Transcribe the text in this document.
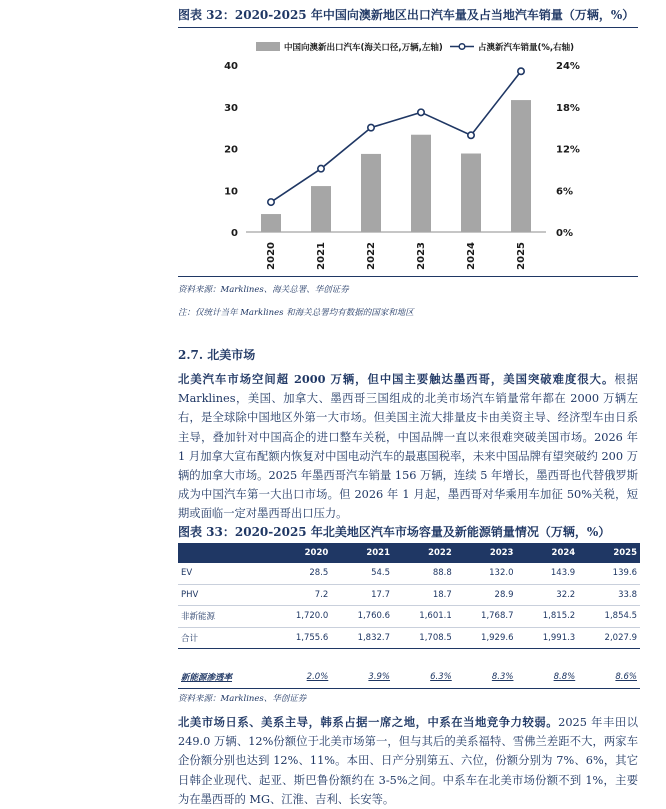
图表 32：2020-2025 年中国向澳新地区出口汽车量及占当地汽车销量（万辆，%）
0
10
20
30
40
0%
6%
12%
18%
24%
2020	2021	2022	2023	2024	2025
中国向澳新出口汽车(海关口径,万辆,左轴)	占澳新汽车销量(%,右轴)
资料来源：Marklines、海关总署、华创证券
注：仅统计当年 Marklines 和海关总署均有数据的国家和地区
2.7. 北美市场
北美汽车市场空间超 2000 万辆，但中国主要触达墨西哥，美国突破难度很大。根据 Marklines，美国、加拿大、墨西哥三国组成的北美市场汽车销量常年都在 2000 万辆左右，是全球除中国地区外第一大市场。但美国主流大排量皮卡由美资主导、经济型车由日系主导，叠加针对中国高企的进口整车关税，中国品牌一直以来很难突破美国市场。2026 年 1 月加拿大宣布配额内恢复对中国电动汽车的最惠国税率，未来中国品牌有望突破约 200 万辆的加拿大市场。2025 年墨西哥汽车销量 156 万辆，连续 5 年增长，墨西哥也代替俄罗斯成为中国汽车第一大出口市场。但 2026 年 1 月起，墨西哥对华乘用车加征 50%关税，短期或面临一定对墨西哥出口压力。
图表 33：2020-2025 年北美地区汽车市场容量及新能源销量情况（万辆，%）
	2020	2021	2022	2023	2024	2025
EV	28.5	54.5	88.8	132.0	143.9	139.6
PHV	7.2	17.7	18.7	28.9	32.2	33.8
非新能源	1,720.0	1,760.6	1,601.1	1,768.7	1,815.2	1,854.5
合计	1,755.6	1,832.7	1,708.5	1,929.6	1,991.3	2,027.9

新能源渗透率	2.0%	3.9%	6.3%	8.3%	8.8%	8.6%
资料来源：Marklines、华创证券
北美市场日系、美系主导，韩系占据一席之地，中系在当地竞争力较弱。2025 年丰田以 249.0 万辆、12%份额位于北美市场第一，但与其后的美系福特、雪佛兰差距不大，两家车企份额分别也达到 12%、11%。本田、日产分别第五、六位，份额分别为 7%、6%，其它日韩企业现代、起亚、斯巴鲁份额约在 3-5%之间。中系车在北美市场份额不到 1%，主要为在墨西哥的 MG、江淮、吉利、长安等。
